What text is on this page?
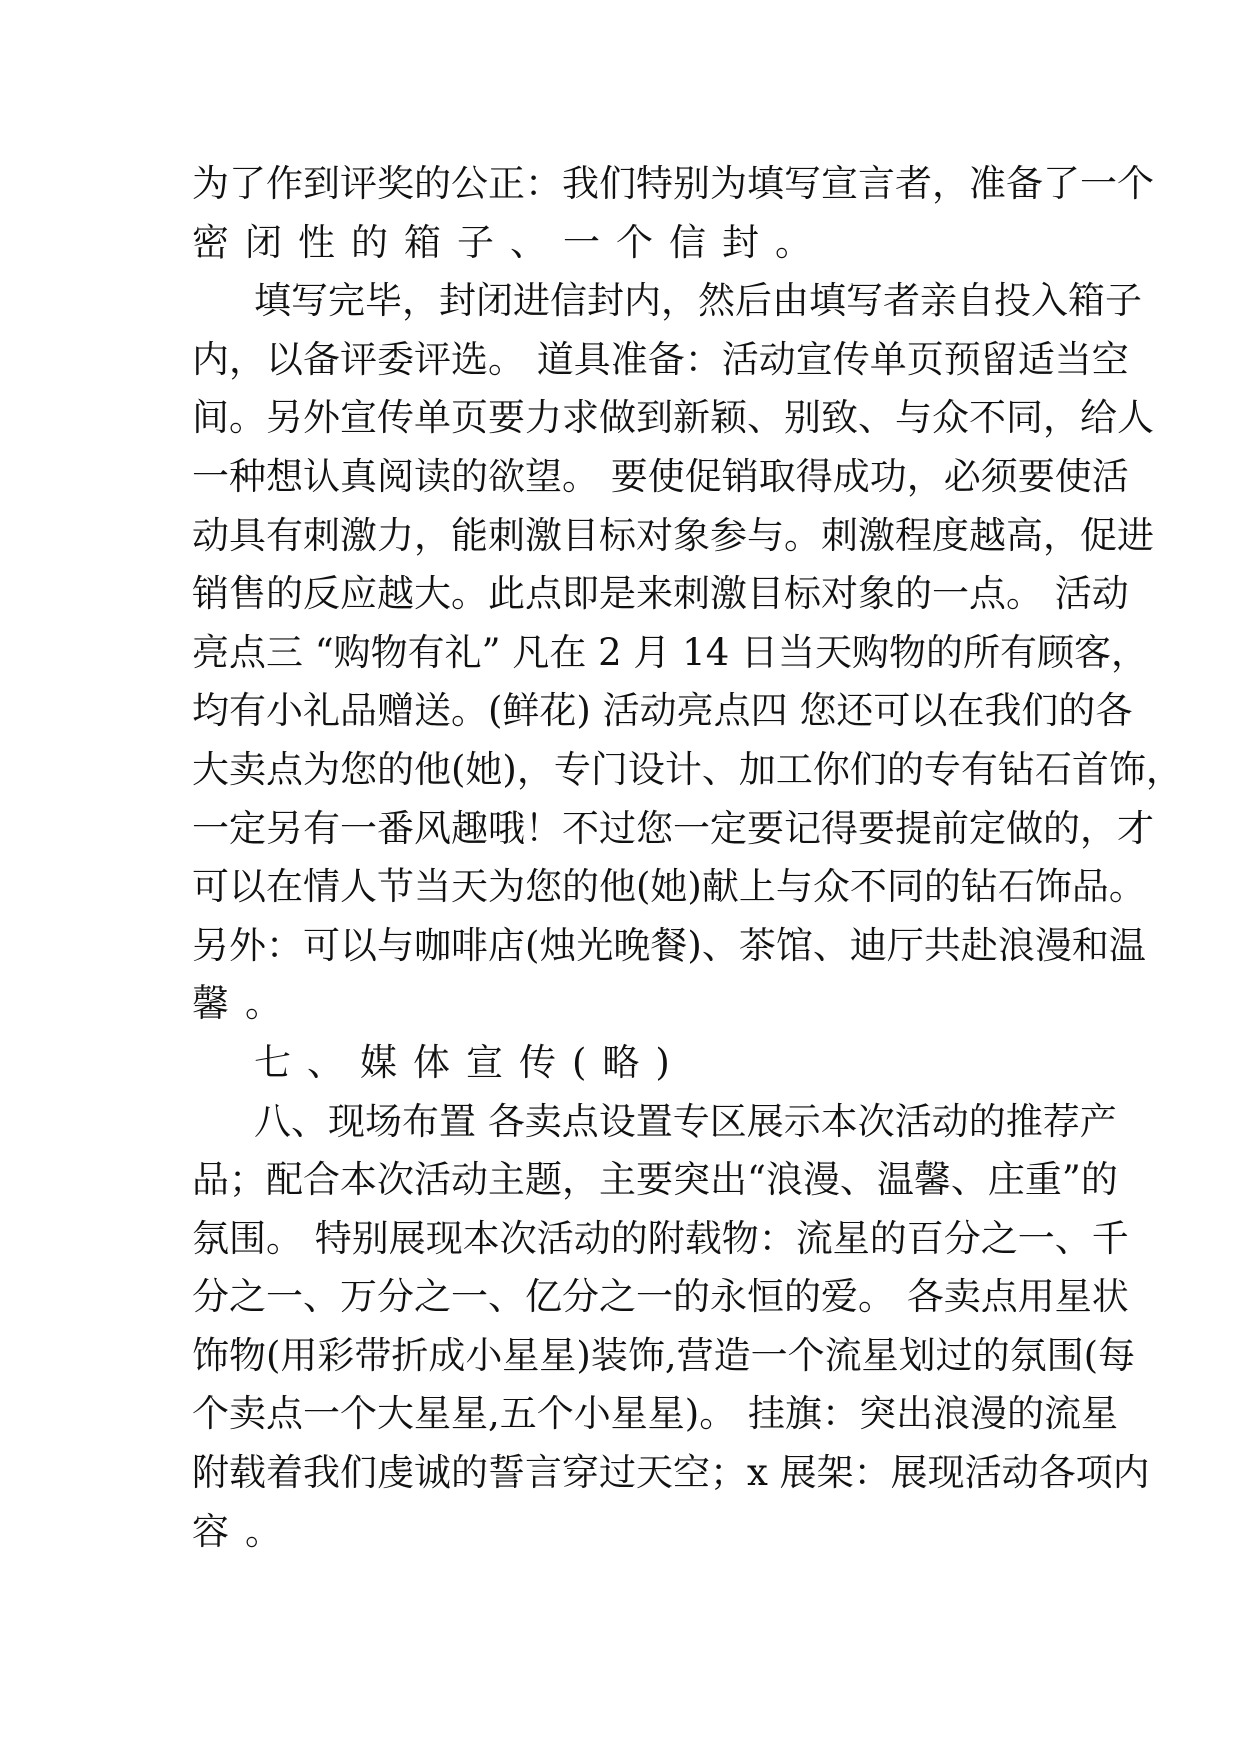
为了作到评奖的公正：我们特别为填写宣言者，准备了一个
密闭性的箱子、一个信封。
填写完毕，封闭进信封内，然后由填写者亲自投入箱子
内，以备评委评选。 道具准备：活动宣传单页预留适当空
间。另外宣传单页要力求做到新颖、别致、与众不同，给人
一种想认真阅读的欲望。 要使促销取得成功，必须要使活
动具有刺激力，能刺激目标对象参与。刺激程度越高，促进
销售的反应越大。此点即是来刺激目标对象的一点。 活动
亮点三 “购物有礼” 凡在 2 月 14 日当天购物的所有顾客，
均有小礼品赠送。(鲜花) 活动亮点四 您还可以在我们的各
大卖点为您的他(她)，专门设计、加工你们的专有钻石首饰，
一定另有一番风趣哦！不过您一定要记得要提前定做的，才
可以在情人节当天为您的他(她)献上与众不同的钻石饰品。
另外：可以与咖啡店(烛光晚餐)、茶馆、迪厅共赴浪漫和温
馨。
七、媒体宣传(略)
八、现场布置 各卖点设置专区展示本次活动的推荐产
品；配合本次活动主题，主要突出“浪漫、温馨、庄重”的
氛围。 特别展现本次活动的附载物：流星的百分之一、千
分之一、万分之一、亿分之一的永恒的爱。 各卖点用星状
饰物(用彩带折成小星星)装饰,营造一个流星划过的氛围(每
个卖点一个大星星,五个小星星)。 挂旗：突出浪漫的流星
附载着我们虔诚的誓言穿过天空；x 展架：展现活动各项内
容。
